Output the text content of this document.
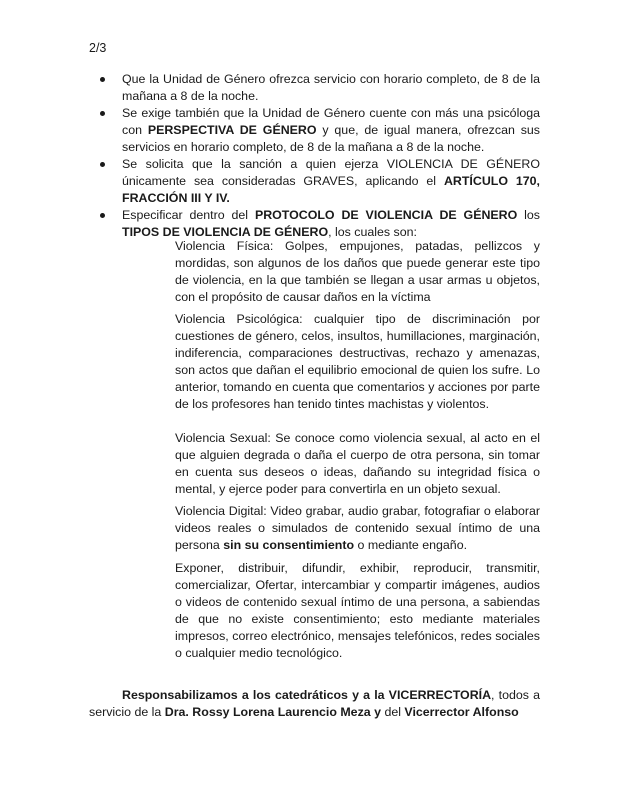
2/3
Que la Unidad de Género ofrezca servicio con horario completo, de 8 de la mañana a 8 de la noche.
Se exige también que la Unidad de Género cuente con más una psicóloga con PERSPECTIVA DE GÉNERO y que, de igual manera, ofrezcan sus servicios en horario completo, de 8 de la mañana a 8 de la noche.
Se solicita que la sanción a quien ejerza VIOLENCIA DE GÉNERO únicamente sea consideradas GRAVES, aplicando el ARTÍCULO 170, FRACCIÓN III Y IV.
Especificar dentro del PROTOCOLO DE VIOLENCIA DE GÉNERO los TIPOS DE VIOLENCIA DE GÉNERO, los cuales son:

Violencia Física: Golpes, empujones, patadas, pellizcos y mordidas, son algunos de los daños que puede generar este tipo de violencia, en la que también se llegan a usar armas u objetos, con el propósito de causar daños en la víctima

Violencia Psicológica: cualquier tipo de discriminación por cuestiones de género, celos, insultos, humillaciones, marginación, indiferencia, comparaciones destructivas, rechazo y amenazas, son actos que dañan el equilibrio emocional de quien los sufre. Lo anterior, tomando en cuenta que comentarios y acciones por parte de los profesores han tenido tintes machistas y violentos.

Violencia Sexual: Se conoce como violencia sexual, al acto en el que alguien degrada o daña el cuerpo de otra persona, sin tomar en cuenta sus deseos o ideas, dañando su integridad física o mental, y ejerce poder para convertirla en un objeto sexual.

Violencia Digital: Video grabar, audio grabar, fotografiar o elaborar videos reales o simulados de contenido sexual íntimo de una persona sin su consentimiento o mediante engaño.

Exponer, distribuir, difundir, exhibir, reproducir, transmitir, comercializar, Ofertar, intercambiar y compartir imágenes, audios o videos de contenido sexual íntimo de una persona, a sabiendas de que no existe consentimiento; esto mediante materiales impresos, correo electrónico, mensajes telefónicos, redes sociales o cualquier medio tecnológico.

Responsabilizamos a los catedráticos y a la VICERRECTORÍA, todos a servicio de la Dra. Rossy Lorena Laurencio Meza y del Vicerrector Alfonso
